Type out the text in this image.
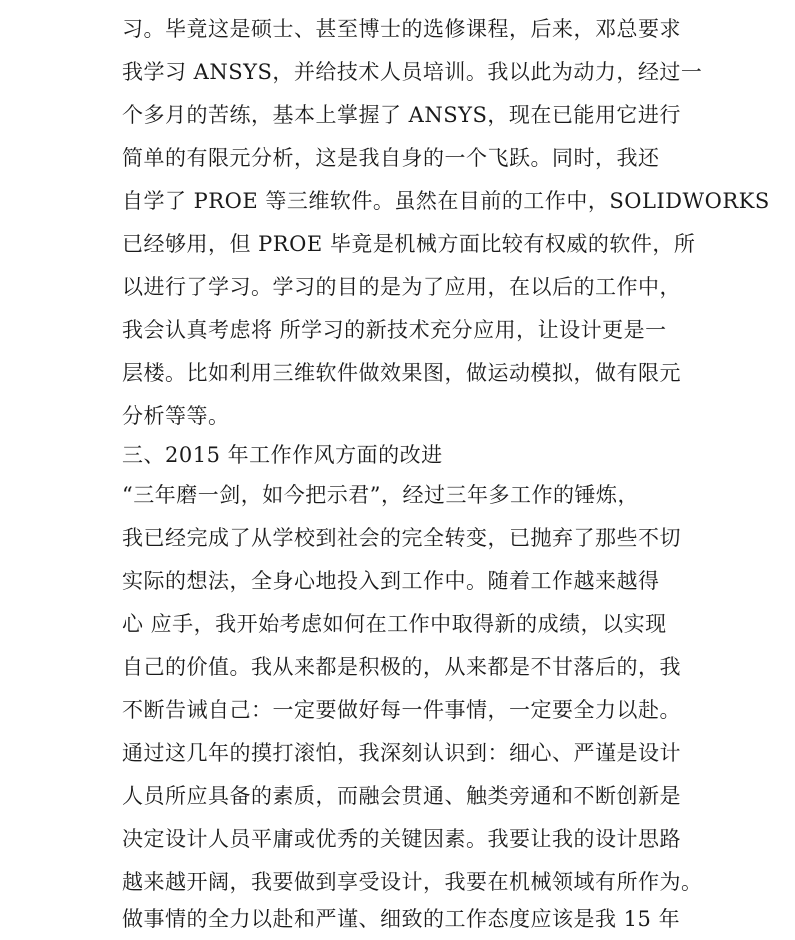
习。毕竟这是硕士、甚至博士的选修课程，后来，邓总要求
我学习 ANSYS，并给技术人员培训。我以此为动力，经过一
个多月的苦练，基本上掌握了 ANSYS，现在已能用它进行
简单的有限元分析，这是我自身的一个飞跃。同时，我还
自学了 PROE 等三维软件。虽然在目前的工作中，SOLIDWORKS
已经够用，但 PROE 毕竟是机械方面比较有权威的软件，所
以进行了学习。学习的目的是为了应用，在以后的工作中，
我会认真考虑将 所学习的新技术充分应用，让设计更是一
层楼。比如利用三维软件做效果图，做运动模拟，做有限元
分析等等。
三、2015 年工作作风方面的改进
“三年磨一剑，如今把示君”，经过三年多工作的锤炼，
我已经完成了从学校到社会的完全转变，已抛弃了那些不切
实际的想法，全身心地投入到工作中。随着工作越来越得
心 应手，我开始考虑如何在工作中取得新的成绩，以实现
自己的价值。我从来都是积极的，从来都是不甘落后的，我
不断告诫自己：一定要做好每一件事情，一定要全力以赴。
通过这几年的摸打滚怕，我深刻认识到：细心、严谨是设计
人员所应具备的素质，而融会贯通、触类旁通和不断创新是
决定设计人员平庸或优秀的关键因素。我要让我的设计思路
越来越开阔，我要做到享受设计，我要在机械领域有所作为。
做事情的全力以赴和严谨、细致的工作态度应该是我 15 年
